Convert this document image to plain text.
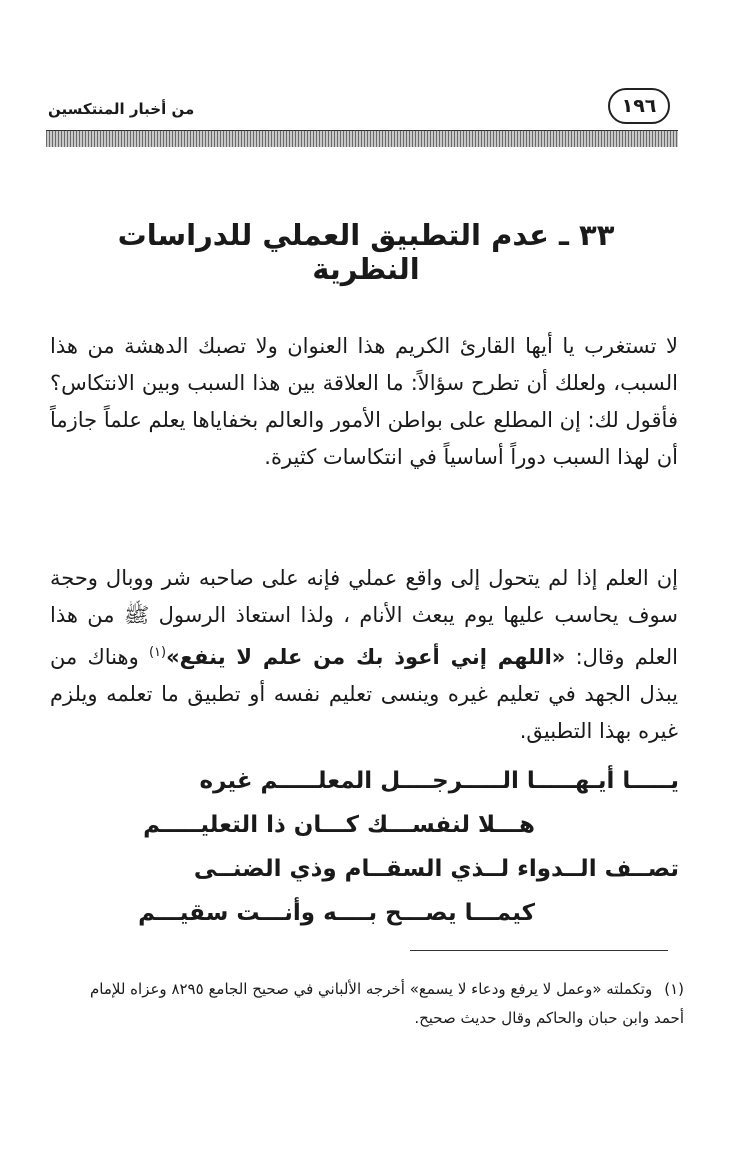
١٩٦
من أخبار المنتكسين
٣٣ ـ عدم التطبيق العملي للدراسات النظرية
لا تستغرب يا أيها القارئ الكريم هذا العنوان ولا تصبك الدهشة من هذا السبب، ولعلك أن تطرح سؤالاً: ما العلاقة بين هذا السبب وبين الانتكاس؟ فأقول لك: إن المطلع على بواطن الأمور والعالم بخفاياها يعلم علماً جازماً أن لهذا السبب دوراً أساسياً في انتكاسات كثيرة.
إن العلم إذا لم يتحول إلى واقع عملي فإنه على صاحبه شر ووبال وحجة سوف يحاسب عليها يوم يبعث الأنام ، ولذا استعاذ الرسول ﷺ من هذا العلم وقال: «اللهم إني أعوذ بك من علم لا ينفع»$^{(١)}$ وهناك من يبذل الجهد في تعليم غيره وينسى تعليم نفسه أو تطبيق ما تعلمه ويلزم غيره بهذا التطبيق.
يـــــا أيـهـــــا الـــــرجــــل المعلـــــم غيره
هـــلا لنفســـك كـــان ذا التعليـــــم
تصــف الــدواء لــذي السقــام وذي الضنــى
كيمـــا يصـــح بــــه وأنـــت سقيـــم
(١)وتكملته «وعمل لا يرفع ودعاء لا يسمع» أخرجه الألباني في صحيح الجامع ٨٢٩٥ وعزاه للإمام أحمد وابن حبان والحاكم وقال حديث صحيح.
